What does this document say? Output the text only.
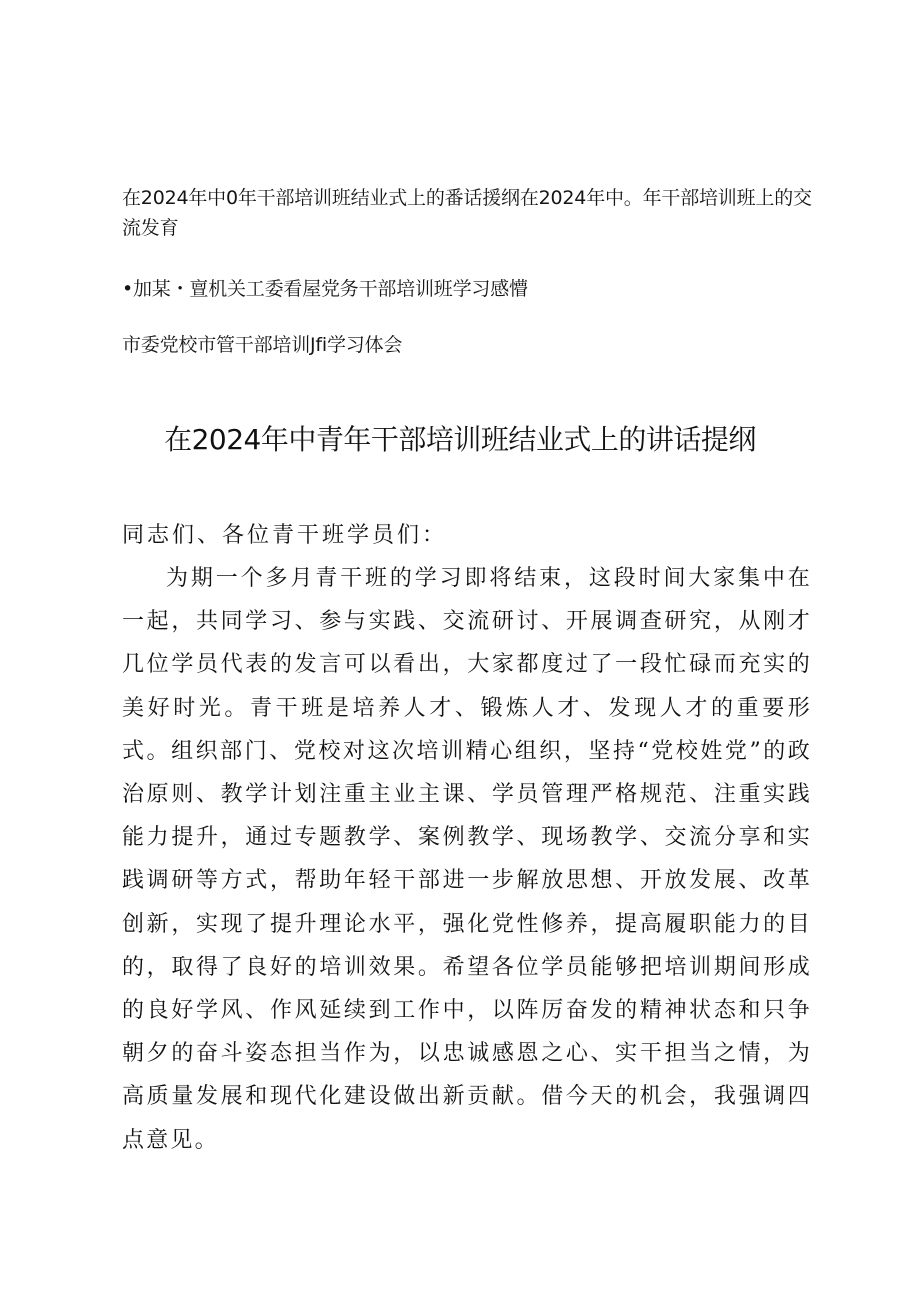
在2024年中0年干部培训班结业式上的番话援纲在2024年中。年干部培训班上的交流发育

•加某・亶机关工委看屋党务干部培训班学习感懵

市委党校市管干部培训Jfi学习体会

在2024年中青年干部培训班结业式上的讲话提纲

同志们、各位青干班学员们：

为期一个多月青干班的学习即将结束，这段时间大家集中在一起，共同学习、参与实践、交流研讨、开展调查研究，从刚才几位学员代表的发言可以看出，大家都度过了一段忙碌而充实的美好时光。青干班是培养人才、锻炼人才、发现人才的重要形式。组织部门、党校对这次培训精心组织，坚持“党校姓党”的政治原则、教学计划注重主业主课、学员管理严格规范、注重实践能力提升，通过专题教学、案例教学、现场教学、交流分享和实践调研等方式，帮助年轻干部进一步解放思想、开放发展、改革创新，实现了提升理论水平，强化党性修养，提高履职能力的目的，取得了良好的培训效果。希望各位学员能够把培训期间形成的良好学风、作风延续到工作中，以阵厉奋发的精神状态和只争朝夕的奋斗姿态担当作为，以忠诚感恩之心、实干担当之情，为高质量发展和现代化建设做出新贡献。借今天的机会，我强调四点意见。
